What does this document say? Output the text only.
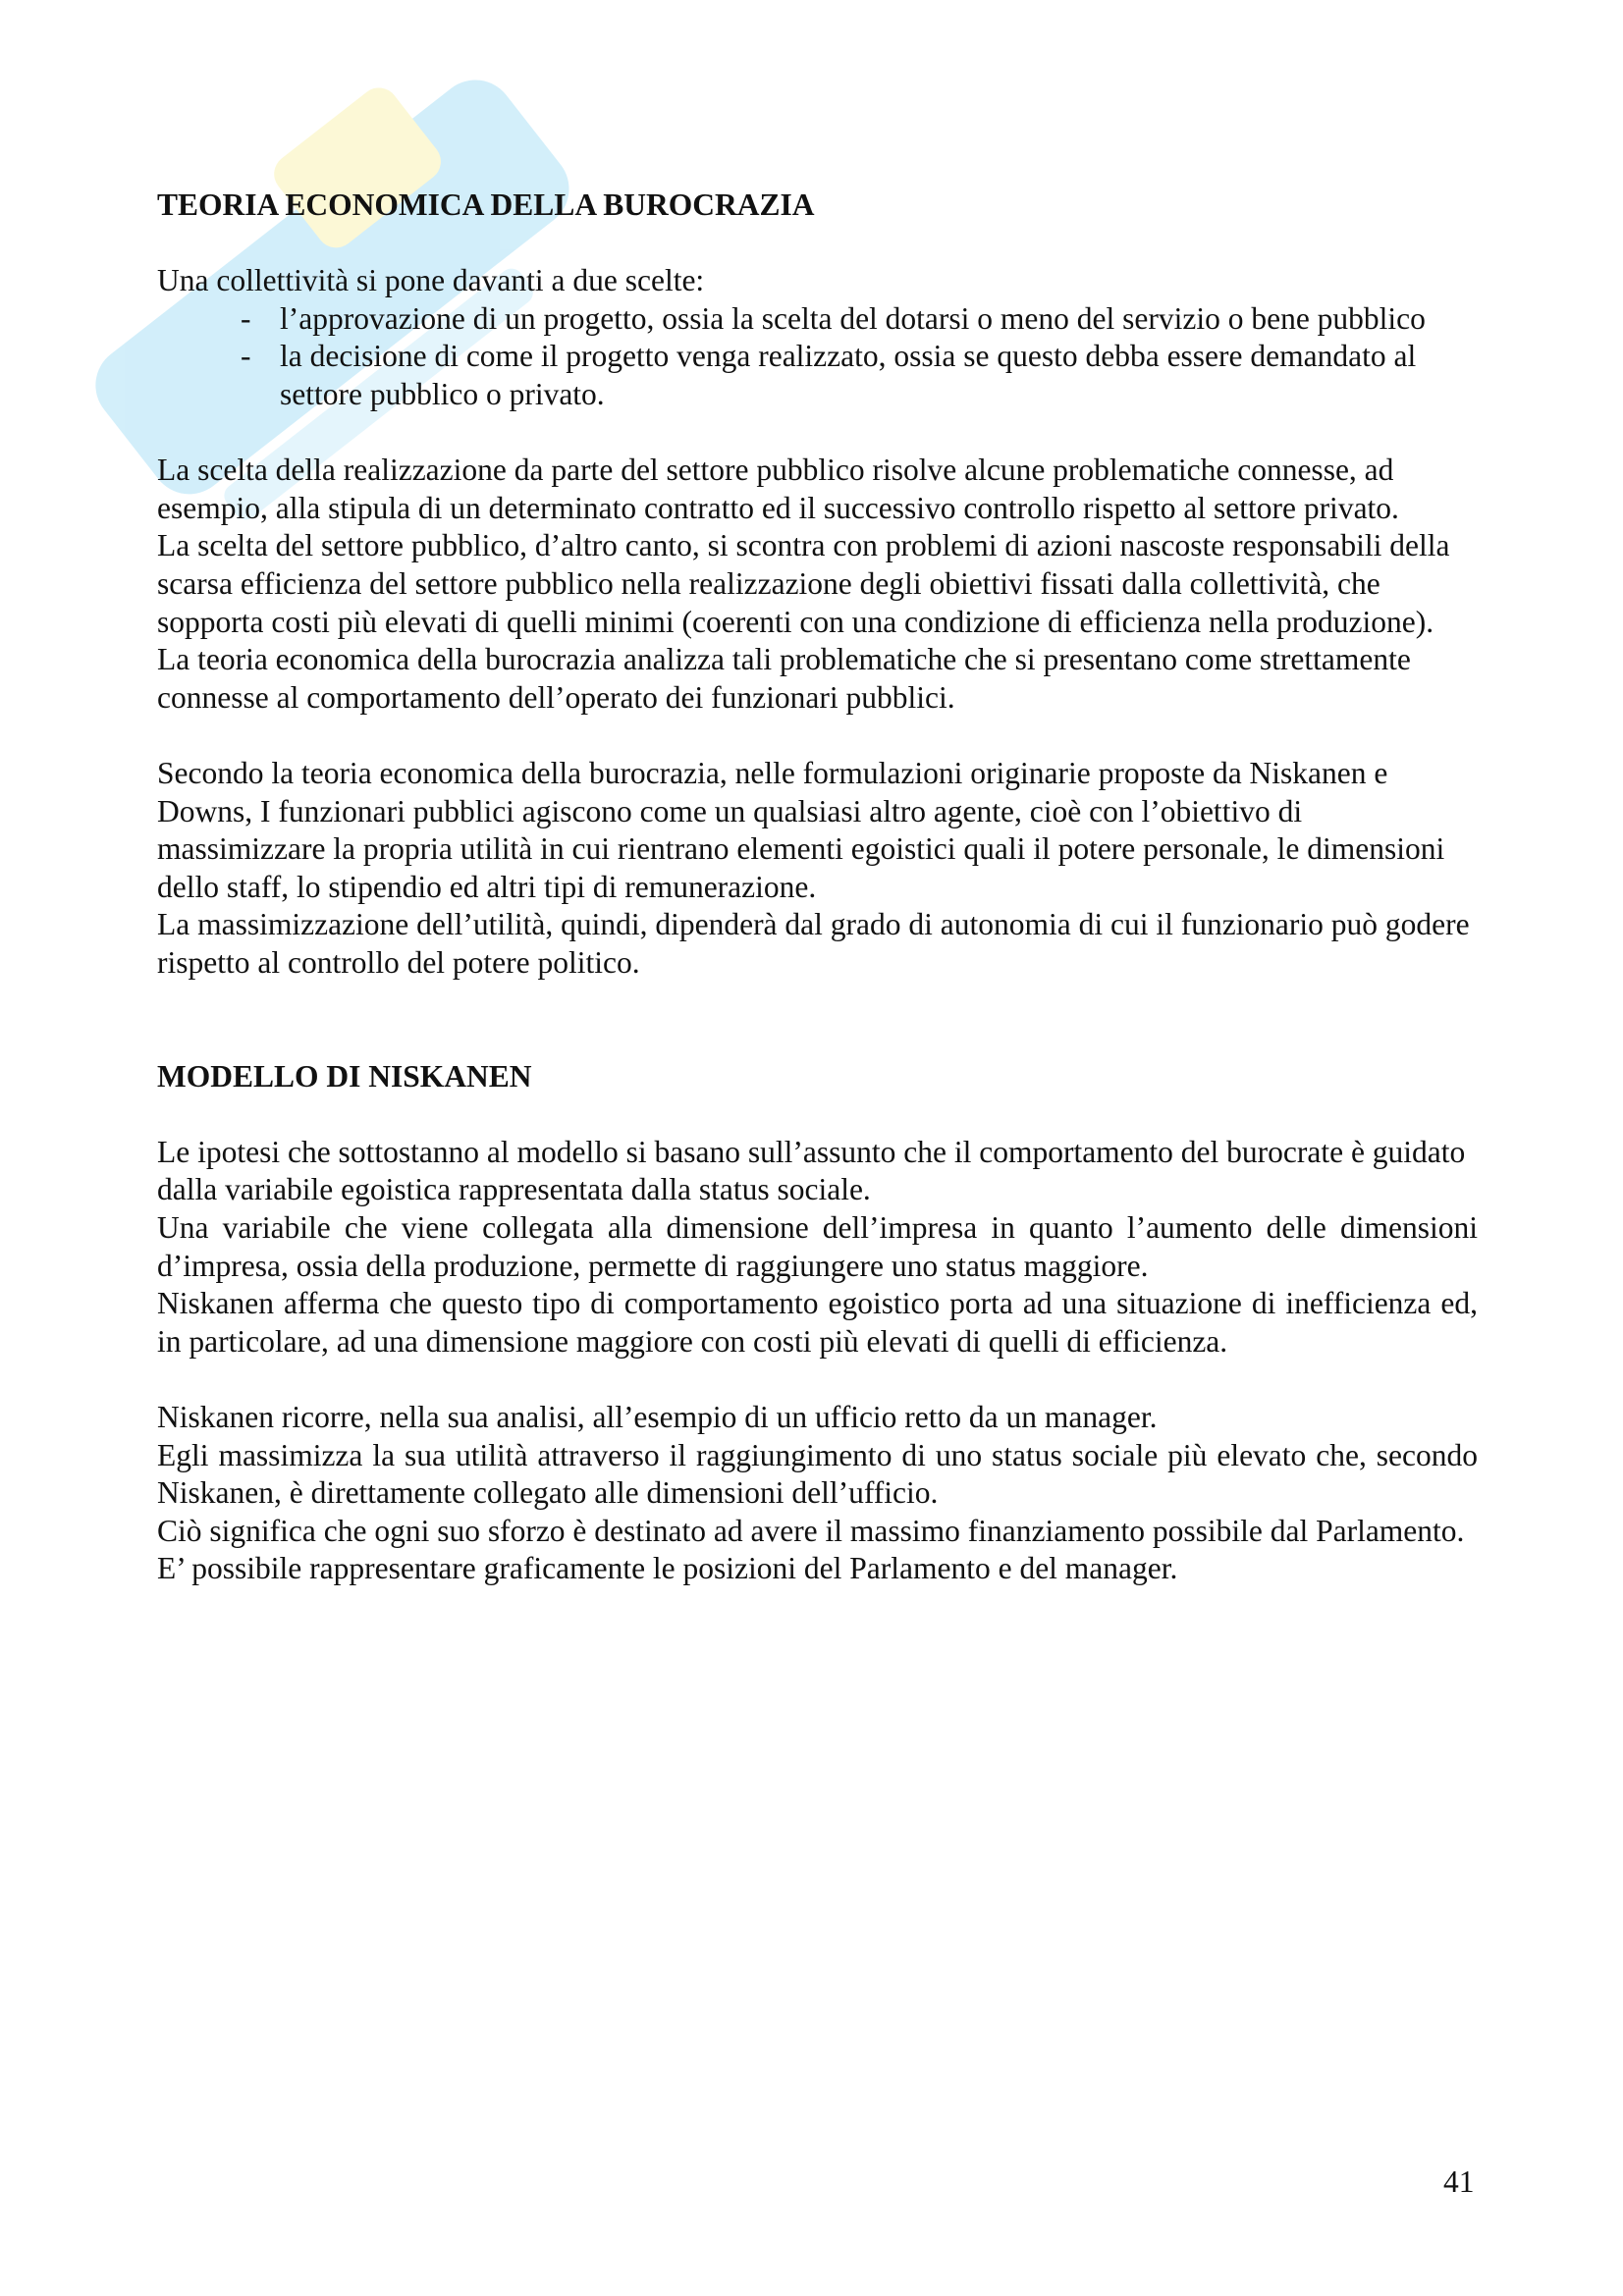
TEORIA ECONOMICA DELLA BUROCRAZIA

Una collettività si pone davanti a due scelte:

- l’approvazione di un progetto, ossia la scelta del dotarsi o meno del servizio o bene pubblico
- la decisione di come il progetto venga realizzato, ossia se questo debba essere demandato al settore pubblico o privato.

La scelta della realizzazione da parte del settore pubblico risolve alcune problematiche connesse, ad esempio, alla stipula di un determinato contratto ed il successivo controllo rispetto al settore privato.

La scelta del settore pubblico, d’altro canto, si scontra con problemi di azioni nascoste responsabili della scarsa efficienza del settore pubblico nella realizzazione degli obiettivi fissati dalla collettività, che sopporta costi più elevati di quelli minimi (coerenti con una condizione di efficienza nella produzione).

La teoria economica della burocrazia analizza tali problematiche che si presentano come strettamente connesse al comportamento dell’operato dei funzionari pubblici.

Secondo la teoria economica della burocrazia, nelle formulazioni originarie proposte da Niskanen e Downs, I funzionari pubblici agiscono come un qualsiasi altro agente, cioè con l’obiettivo di massimizzare la propria utilità in cui rientrano elementi egoistici quali il potere personale, le dimensioni dello staff, lo stipendio ed altri tipi di remunerazione.

La massimizzazione dell’utilità, quindi, dipenderà dal grado di autonomia di cui il funzionario può godere rispetto al controllo del potere politico.

MODELLO DI NISKANEN

Le ipotesi che sottostanno al modello si basano sull’assunto che il comportamento del burocrate è guidato dalla variabile egoistica rappresentata dalla status sociale.

Una variabile che viene collegata alla dimensione dell’impresa in quanto l’aumento delle dimensioni d’impresa, ossia della produzione, permette di raggiungere uno status maggiore.

Niskanen afferma che questo tipo di comportamento egoistico porta ad una situazione di inefficienza ed, in particolare, ad una dimensione maggiore con costi più elevati di quelli di efficienza.

Niskanen ricorre, nella sua analisi, all’esempio di un ufficio retto da un manager.

Egli massimizza la sua utilità attraverso il raggiungimento di uno status sociale più elevato che, secondo Niskanen, è direttamente collegato alle dimensioni dell’ufficio.

Ciò significa che ogni suo sforzo è destinato ad avere il massimo finanziamento possibile dal Parlamento.

E’ possibile rappresentare graficamente le posizioni del Parlamento e del manager.

41
